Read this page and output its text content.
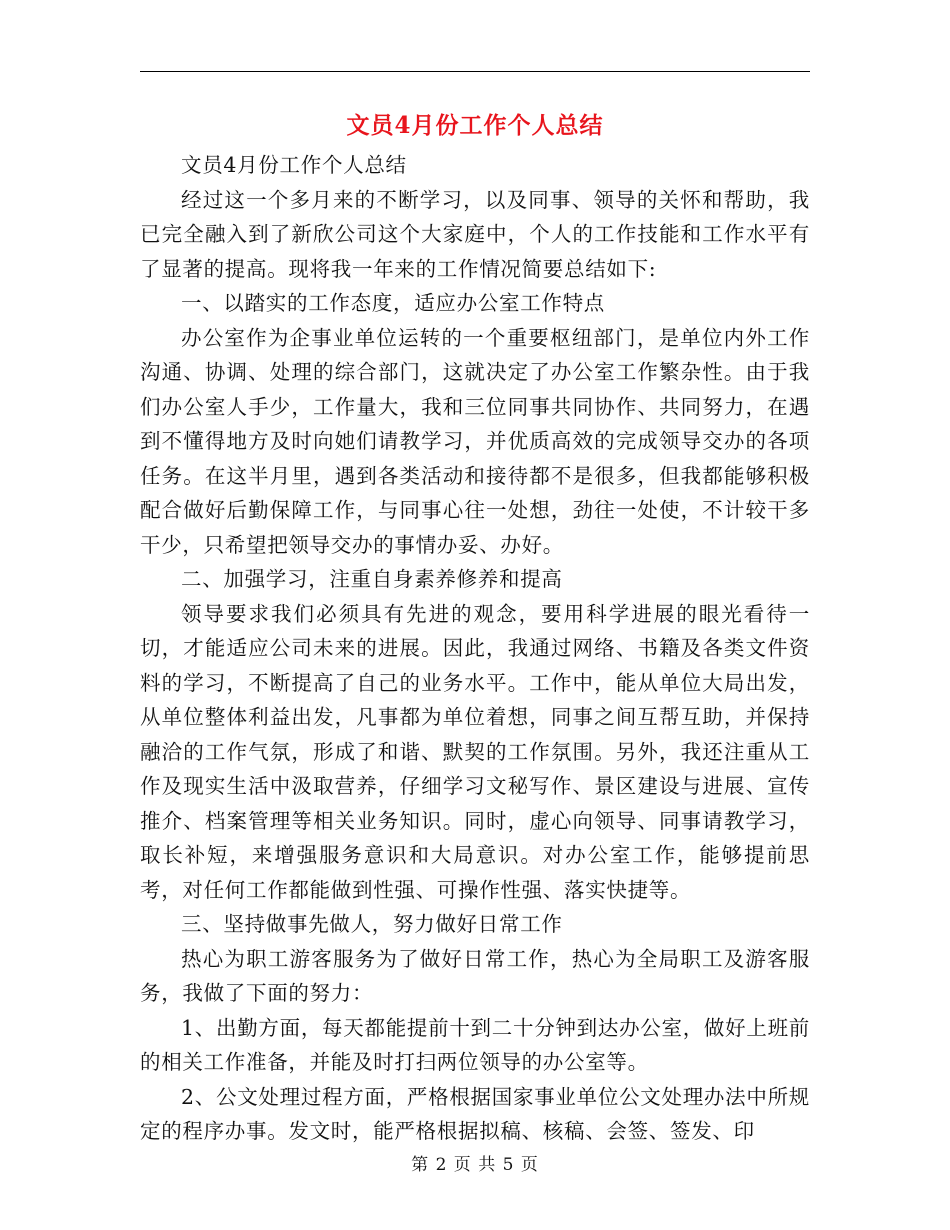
文员4月份工作个人总结

文员4月份工作个人总结

经过这一个多月来的不断学习，以及同事、领导的关怀和帮助，我已完全融入到了新欣公司这个大家庭中，个人的工作技能和工作水平有了显著的提高。现将我一年来的工作情况简要总结如下:

一、以踏实的工作态度，适应办公室工作特点

办公室作为企事业单位运转的一个重要枢纽部门，是单位内外工作沟通、协调、处理的综合部门，这就决定了办公室工作繁杂性。由于我们办公室人手少，工作量大，我和三位同事共同协作、共同努力，在遇到不懂得地方及时向她们请教学习，并优质高效的完成领导交办的各项任务。在这半月里，遇到各类活动和接待都不是很多，但我都能够积极配合做好后勤保障工作，与同事心往一处想，劲往一处使，不计较干多干少，只希望把领导交办的事情办妥、办好。

二、加强学习，注重自身素养修养和提高

领导要求我们必须具有先进的观念，要用科学进展的眼光看待一切，才能适应公司未来的进展。因此，我通过网络、书籍及各类文件资料的学习，不断提高了自己的业务水平。工作中，能从单位大局出发，从单位整体利益出发，凡事都为单位着想，同事之间互帮互助，并保持融洽的工作气氛，形成了和谐、默契的工作氛围。另外，我还注重从工作及现实生活中汲取营养，仔细学习文秘写作、景区建设与进展、宣传推介、档案管理等相关业务知识。同时，虚心向领导、同事请教学习，取长补短，来增强服务意识和大局意识。对办公室工作，能够提前思考，对任何工作都能做到性强、可操作性强、落实快捷等。

三、坚持做事先做人，努力做好日常工作

热心为职工游客服务为了做好日常工作，热心为全局职工及游客服务，我做了下面的努力：

1、出勤方面，每天都能提前十到二十分钟到达办公室，做好上班前的相关工作准备，并能及时打扫两位领导的办公室等。

2、公文处理过程方面，严格根据国家事业单位公文处理办法中所规定的程序办事。发文时，能严格根据拟稿、核稿、会签、签发、印

第 2 页 共 5 页
